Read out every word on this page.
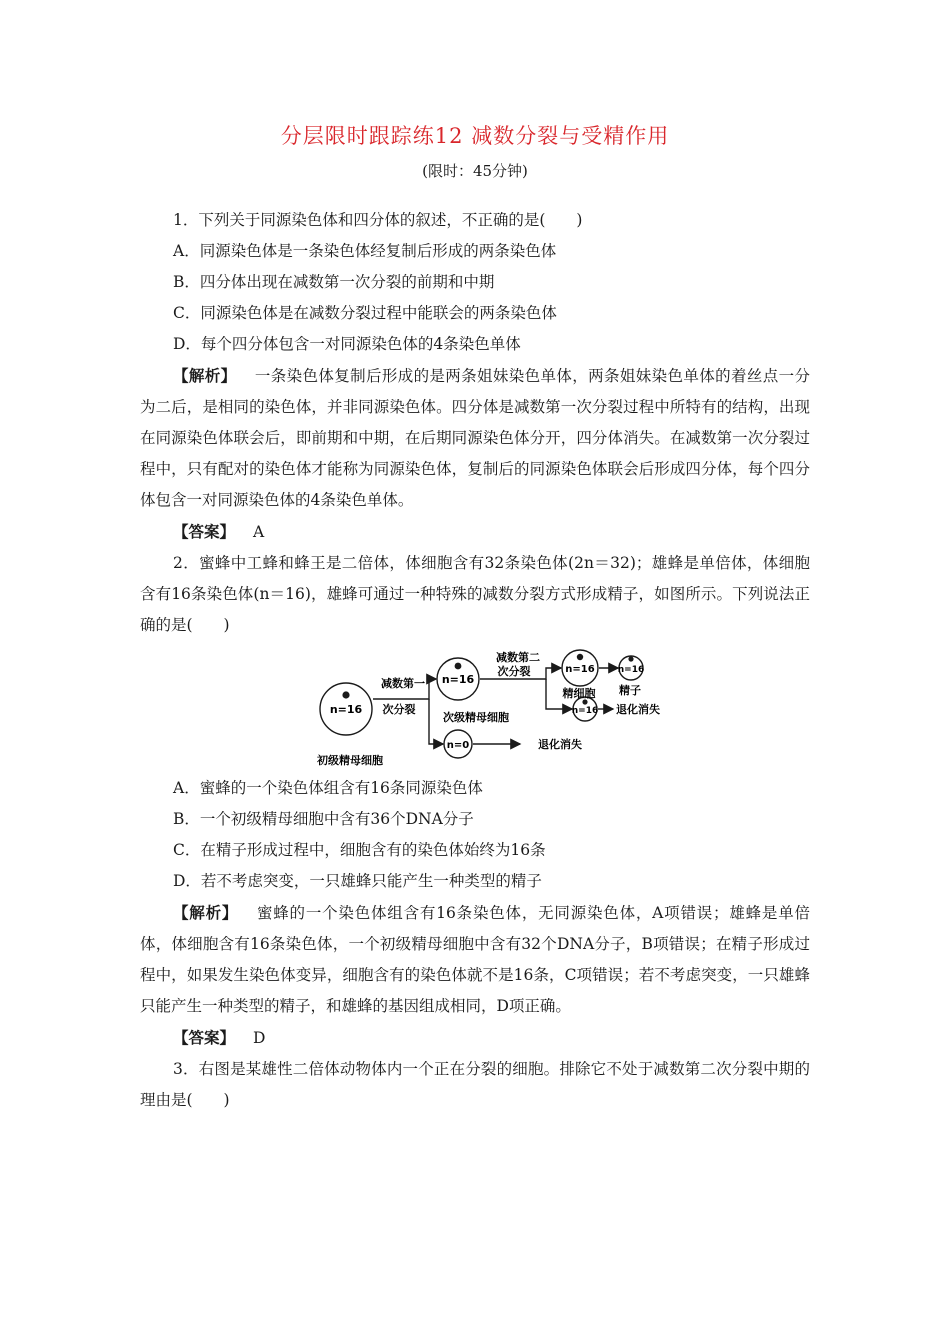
分层限时跟踪练12 减数分裂与受精作用
(限时：45分钟)

1．下列关于同源染色体和四分体的叙述，不正确的是(　　)

A．同源染色体是一条染色体经复制后形成的两条染色体

B．四分体出现在减数第一次分裂的前期和中期

C．同源染色体是在减数分裂过程中能联会的两条染色体

D．每个四分体包含一对同源染色体的4条染色单体

【解析】 一条染色体复制后形成的是两条姐妹染色单体，两条姐妹染色单体的着丝点一分为二后，是相同的染色体，并非同源染色体。四分体是减数第一次分裂过程中所特有的结构，出现在同源染色体联会后，即前期和中期，在后期同源染色体分开，四分体消失。在减数第一次分裂过程中，只有配对的染色体才能称为同源染色体，复制后的同源染色体联会后形成四分体，每个四分体包含一对同源染色体的4条染色单体。

【答案】 A

2．蜜蜂中工蜂和蜂王是二倍体，体细胞含有32条染色体(2n＝32)；雄蜂是单倍体，体细胞含有16条染色体(n＝16)，雄蜂可通过一种特殊的减数分裂方式形成精子，如图所示。下列说法正确的是(　　)

n=16
初级精母细胞
减数第一
次分裂
n=16
次级精母细胞
n=0	退化消失
减数第二
次分裂	n=16
精细胞
n=16
精子
n=16 退化消失

A．蜜蜂的一个染色体组含有16条同源染色体

B．一个初级精母细胞中含有36个DNA分子

C．在精子形成过程中，细胞含有的染色体始终为16条

D．若不考虑突变，一只雄蜂只能产生一种类型的精子

【解析】 蜜蜂的一个染色体组含有16条染色体，无同源染色体，A项错误；雄蜂是单倍体，体细胞含有16条染色体，一个初级精母细胞中含有32个DNA分子，B项错误；在精子形成过程中，如果发生染色体变异，细胞含有的染色体就不是16条，C项错误；若不考虑突变，一只雄蜂只能产生一种类型的精子，和雄蜂的基因组成相同，D项正确。

【答案】 D

3．右图是某雄性二倍体动物体内一个正在分裂的细胞。排除它不处于减数第二次分裂中期的理由是(　　)
